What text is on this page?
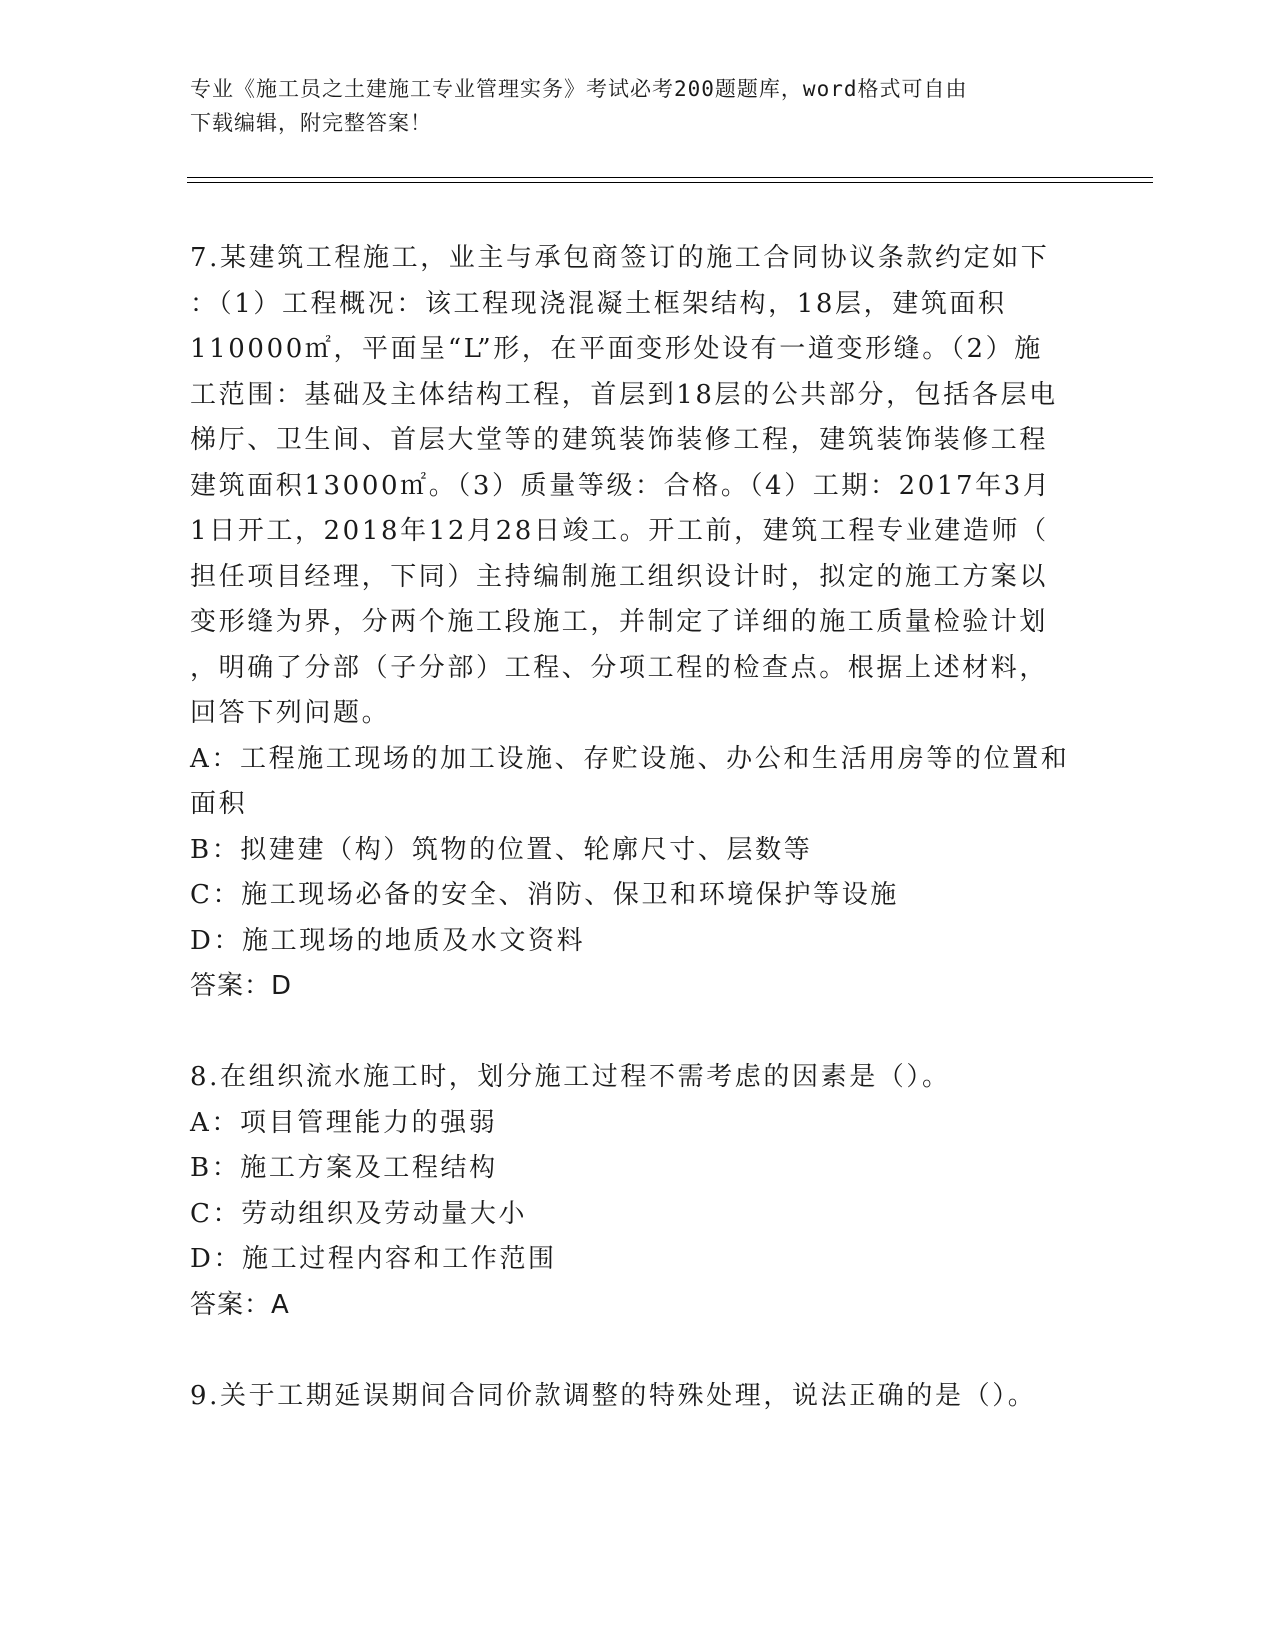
专业《施工员之土建施工专业管理实务》考试必考200题题库，word格式可自由
下载编辑，附完整答案！
7.某建筑工程施工，业主与承包商签订的施工合同协议条款约定如下
：（1）工程概况：该工程现浇混凝土框架结构，18层，建筑面积
110000㎡，平面呈“L”形，在平面变形处设有一道变形缝。（2）施
工范围：基础及主体结构工程，首层到18层的公共部分，包括各层电
梯厅、卫生间、首层大堂等的建筑装饰装修工程，建筑装饰装修工程
建筑面积13000㎡。（3）质量等级：合格。（4）工期：2017年3月
1日开工，2018年12月28日竣工。开工前，建筑工程专业建造师（
担任项目经理，下同）主持编制施工组织设计时，拟定的施工方案以
变形缝为界，分两个施工段施工，并制定了详细的施工质量检验计划
，明确了分部（子分部）工程、分项工程的检查点。根据上述材料，
回答下列问题。
A：工程施工现场的加工设施、存贮设施、办公和生活用房等的位置和
面积
B：拟建建（构）筑物的位置、轮廓尺寸、层数等
C：施工现场必备的安全、消防、保卫和环境保护等设施
D：施工现场的地质及水文资料
答案：D
8.在组织流水施工时，划分施工过程不需考虑的因素是（）。
A：项目管理能力的强弱
B：施工方案及工程结构
C：劳动组织及劳动量大小
D：施工过程内容和工作范围
答案：A
9.关于工期延误期间合同价款调整的特殊处理，说法正确的是（）。
